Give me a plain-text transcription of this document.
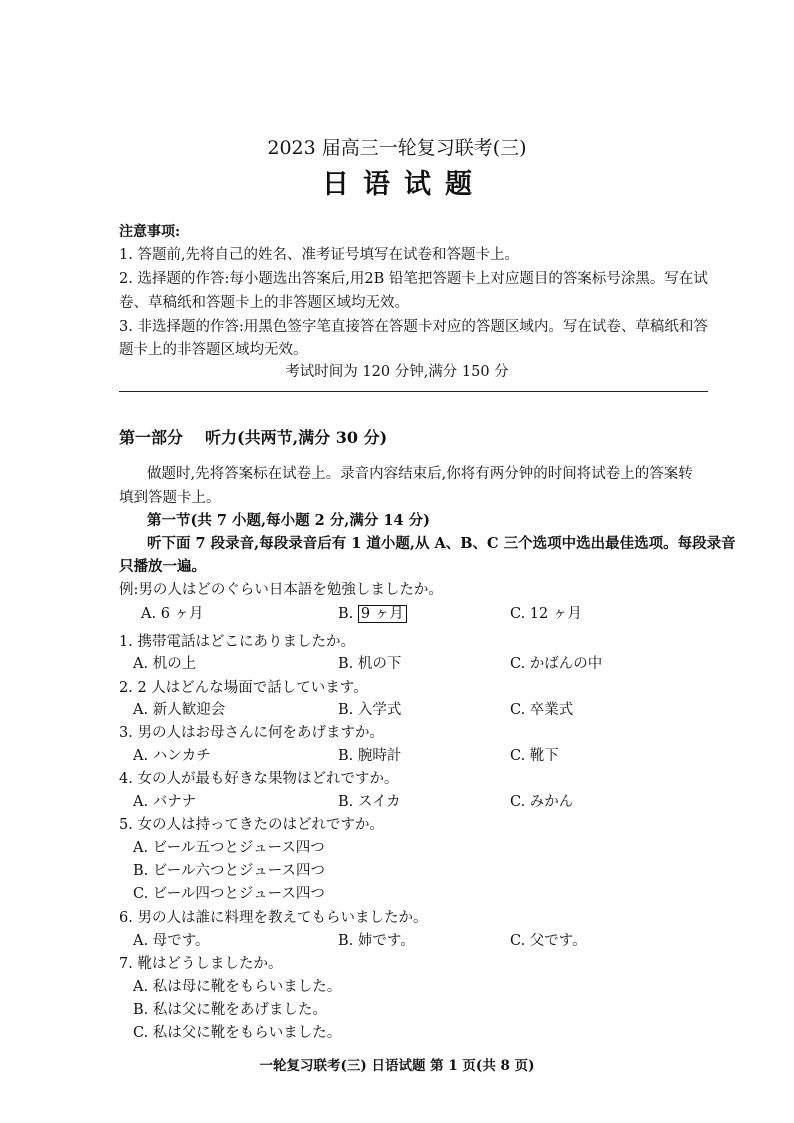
2023 届高三一轮复习联考(三)
日语试题
注意事项:
1. 答题前,先将自己的姓名、准考证号填写在试卷和答题卡上。
2. 选择题的作答:每小题选出答案后,用2B 铅笔把答题卡上对应题目的答案标号涂黑。写在试
卷、草稿纸和答题卡上的非答题区域均无效。
3. 非选择题的作答:用黑色签字笔直接答在答题卡对应的答题区域内。写在试卷、草稿纸和答
题卡上的非答题区域均无效。
考试时间为 120 分钟,满分 150 分
第一部分 听力(共两节,满分 30 分)
做题时,先将答案标在试卷上。录音内容结束后,你将有两分钟的时间将试卷上的答案转
填到答题卡上。
第一节(共 7 小题,每小题 2 分,满分 14 分)
听下面 7 段录音,每段录音后有 1 道小题,从 A、B、C 三个选项中选出最佳选项。每段录音
只播放一遍。
例:男の人はどのぐらい日本語を勉強しましたか。
A. 6 ヶ月	B. 9 ヶ月	C. 12 ヶ月
1. 携帯電話はどこにありましたか。
A. 机の上	B. 机の下	C. かばんの中
2. 2 人はどんな場面で話しています。
A. 新人歓迎会	B. 入学式	C. 卒業式
3. 男の人はお母さんに何をあげますか。
A. ハンカチ	B. 腕時計	C. 靴下
4. 女の人が最も好きな果物はどれですか。
A. バナナ	B. スイカ	C. みかん
5. 女の人は持ってきたのはどれですか。
A. ビール五つとジュース四つ
B. ビール六つとジュース四つ
C. ビール四つとジュース四つ
6. 男の人は誰に料理を教えてもらいましたか。
A. 母です。	B. 姉です。	C. 父です。
7. 靴はどうしましたか。
A. 私は母に靴をもらいました。
B. 私は父に靴をあげました。
C. 私は父に靴をもらいました。
一轮复习联考(三) 日语试题 第 1 页(共 8 页)
